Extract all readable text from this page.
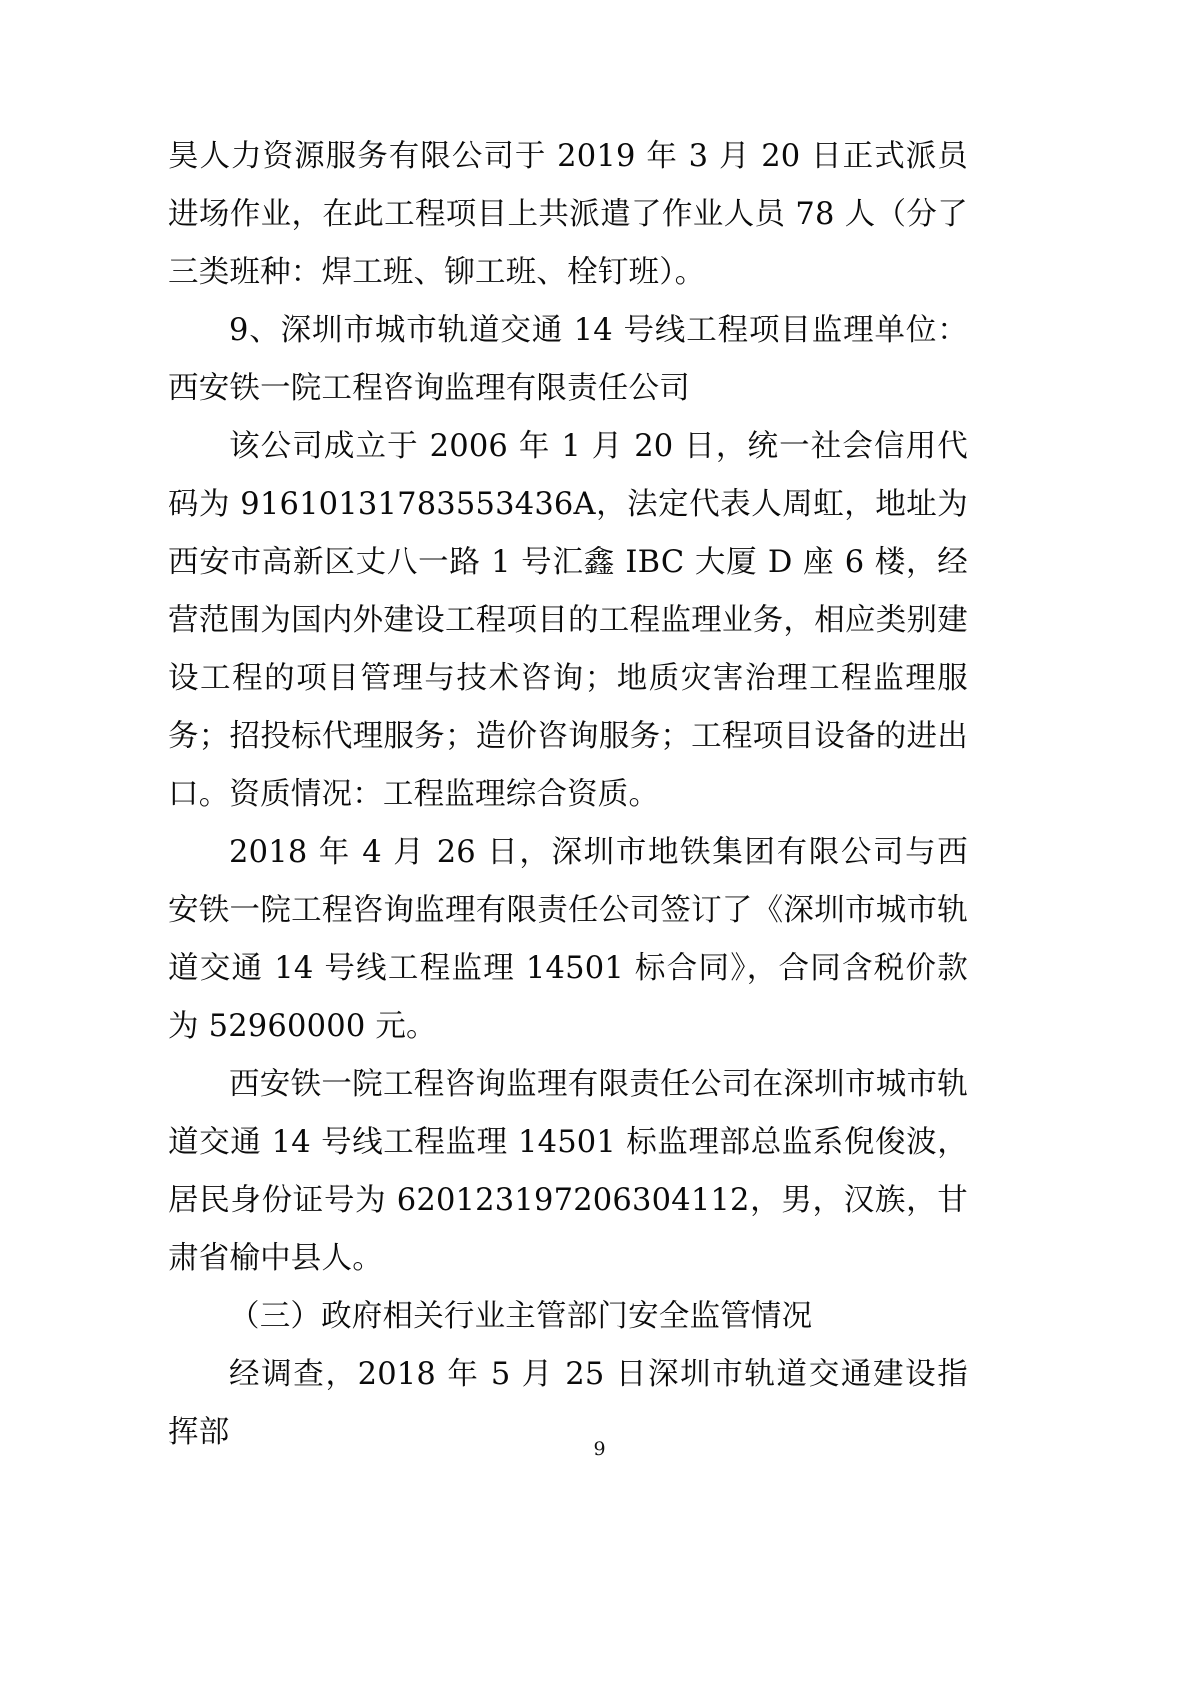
昊人力资源服务有限公司于 2019 年 3 月 20 日正式派员进场作业，在此工程项目上共派遣了作业人员 78 人（分了三类班种：焊工班、铆工班、栓钉班）。

9、深圳市城市轨道交通 14 号线工程项目监理单位：西安铁一院工程咨询监理有限责任公司

该公司成立于 2006 年 1 月 20 日，统一社会信用代码为 91610131783553436A，法定代表人周虹，地址为西安市高新区丈八一路 1 号汇鑫 IBC 大厦 D 座 6 楼，经营范围为国内外建设工程项目的工程监理业务，相应类别建设工程的项目管理与技术咨询；地质灾害治理工程监理服务；招投标代理服务；造价咨询服务；工程项目设备的进出口。资质情况：工程监理综合资质。

2018 年 4 月 26 日，深圳市地铁集团有限公司与西安铁一院工程咨询监理有限责任公司签订了《深圳市城市轨道交通 14 号线工程监理 14501 标合同》，合同含税价款为 52960000 元。

西安铁一院工程咨询监理有限责任公司在深圳市城市轨道交通 14 号线工程监理 14501 标监理部总监系倪俊波，居民身份证号为 620123197206304112，男，汉族，甘肃省榆中县人。

（三）政府相关行业主管部门安全监管情况

经调查，2018 年 5 月 25 日深圳市轨道交通建设指挥部	9
